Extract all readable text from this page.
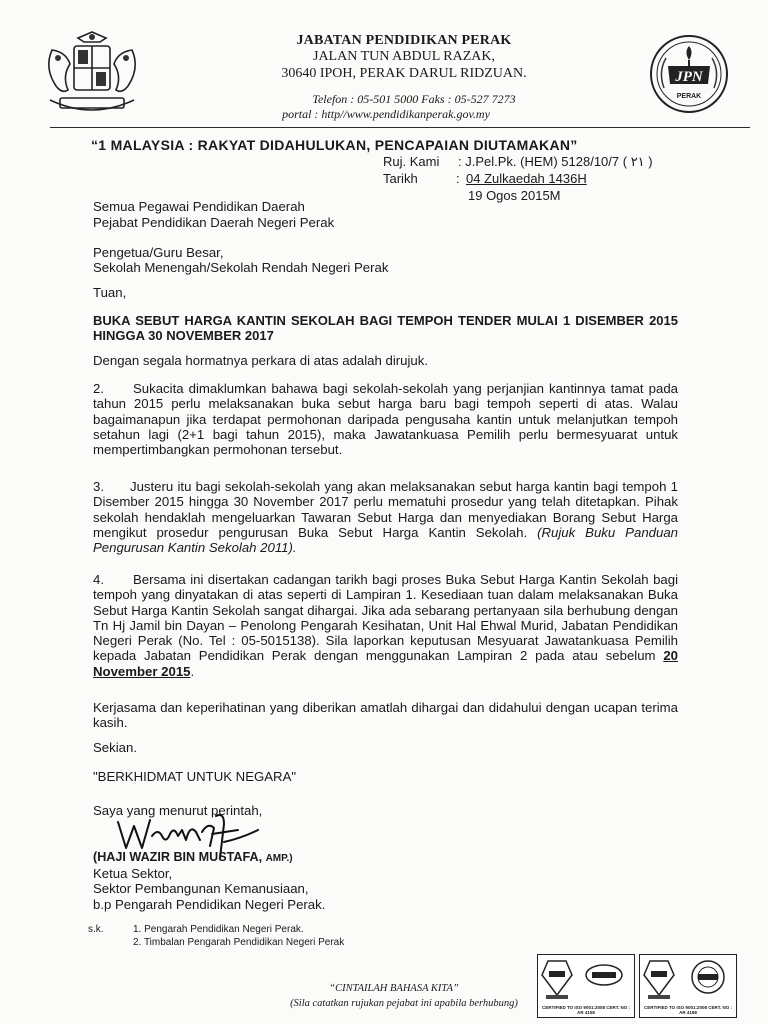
JPN
PERAK
JABATAN PENDIDIKAN PERAK
JALAN TUN ABDUL RAZAK,
30640 IPOH, PERAK DARUL RIDZUAN.
Telefon : 05-501 5000 Faks : 05-527 7273
portal : http//www.pendidikanperak.gov.my
“1 MALAYSIA : RAKYAT DIDAHULUKAN, PENCAPAIAN DIUTAMAKAN”
Ruj. Kami : J.Pel.Pk. (HEM) 5128/10/7 ( ٢١ )
Tarikh	: 04 Zulkaedah 1436H
19 Ogos 2015M
Semua Pegawai Pendidikan Daerah
Pejabat Pendidikan Daerah Negeri Perak
Pengetua/Guru Besar,
Sekolah Menengah/Sekolah Rendah Negeri Perak
Tuan,
BUKA SEBUT HARGA KANTIN SEKOLAH BAGI TEMPOH TENDER MULAI 1 DISEMBER 2015 HINGGA 30 NOVEMBER 2017
Dengan segala hormatnya perkara di atas adalah dirujuk.
2. Sukacita dimaklumkan bahawa bagi sekolah-sekolah yang perjanjian kantinnya tamat pada tahun 2015 perlu melaksanakan buka sebut harga baru bagi tempoh seperti di atas. Walau bagaimanapun jika terdapat permohonan daripada pengusaha kantin untuk melanjutkan tempoh setahun lagi (2+1 bagi tahun 2015), maka Jawatankuasa Pemilih perlu bermesyuarat untuk mempertimbangkan permohonan tersebut.
3. Justeru itu bagi sekolah-sekolah yang akan melaksanakan sebut harga kantin bagi tempoh 1 Disember 2015 hingga 30 November 2017 perlu mematuhi prosedur yang telah ditetapkan. Pihak sekolah hendaklah mengeluarkan Tawaran Sebut Harga dan menyediakan Borang Sebut Harga mengikut prosedur pengurusan Buka Sebut Harga Kantin Sekolah. (Rujuk Buku Panduan Pengurusan Kantin Sekolah 2011).
4. Bersama ini disertakan cadangan tarikh bagi proses Buka Sebut Harga Kantin Sekolah bagi tempoh yang dinyatakan di atas seperti di Lampiran 1. Kesediaan tuan dalam melaksanakan Buka Sebut Harga Kantin Sekolah sangat dihargai. Jika ada sebarang pertanyaan sila berhubung dengan Tn Hj Jamil bin Dayan – Penolong Pengarah Kesihatan, Unit Hal Ehwal Murid, Jabatan Pendidikan Negeri Perak (No. Tel : 05-5015138). Sila laporkan keputusan Mesyuarat Jawatankuasa Pemilih kepada Jabatan Pendidikan Perak dengan menggunakan Lampiran 2 pada atau sebelum 20 November 2015.
Kerjasama dan keperihatinan yang diberikan amatlah dihargai dan didahului dengan ucapan terima kasih.
Sekian.
"BERKHIDMAT UNTUK NEGARA"
Saya yang menurut perintah,
(HAJI WAZIR BIN MUSTAFA, AMP.)
Ketua Sektor,
Sektor Pembangunan Kemanusiaan,
b.p Pengarah Pendidikan Negeri Perak.
s.k.	1. Pengarah Pendidikan Negeri Perak.
2. Timbalan Pengarah Pendidikan Negeri Perak
“CINTAILAH BAHASA KITA”
(Sila catatkan rujukan pejabat ini apabila berhubung)	CERTIFIED TO ISO 9001:2008 CERT. NO : AR 4158
CERTIFIED TO ISO 9001:2008 CERT. NO : AR 4158
